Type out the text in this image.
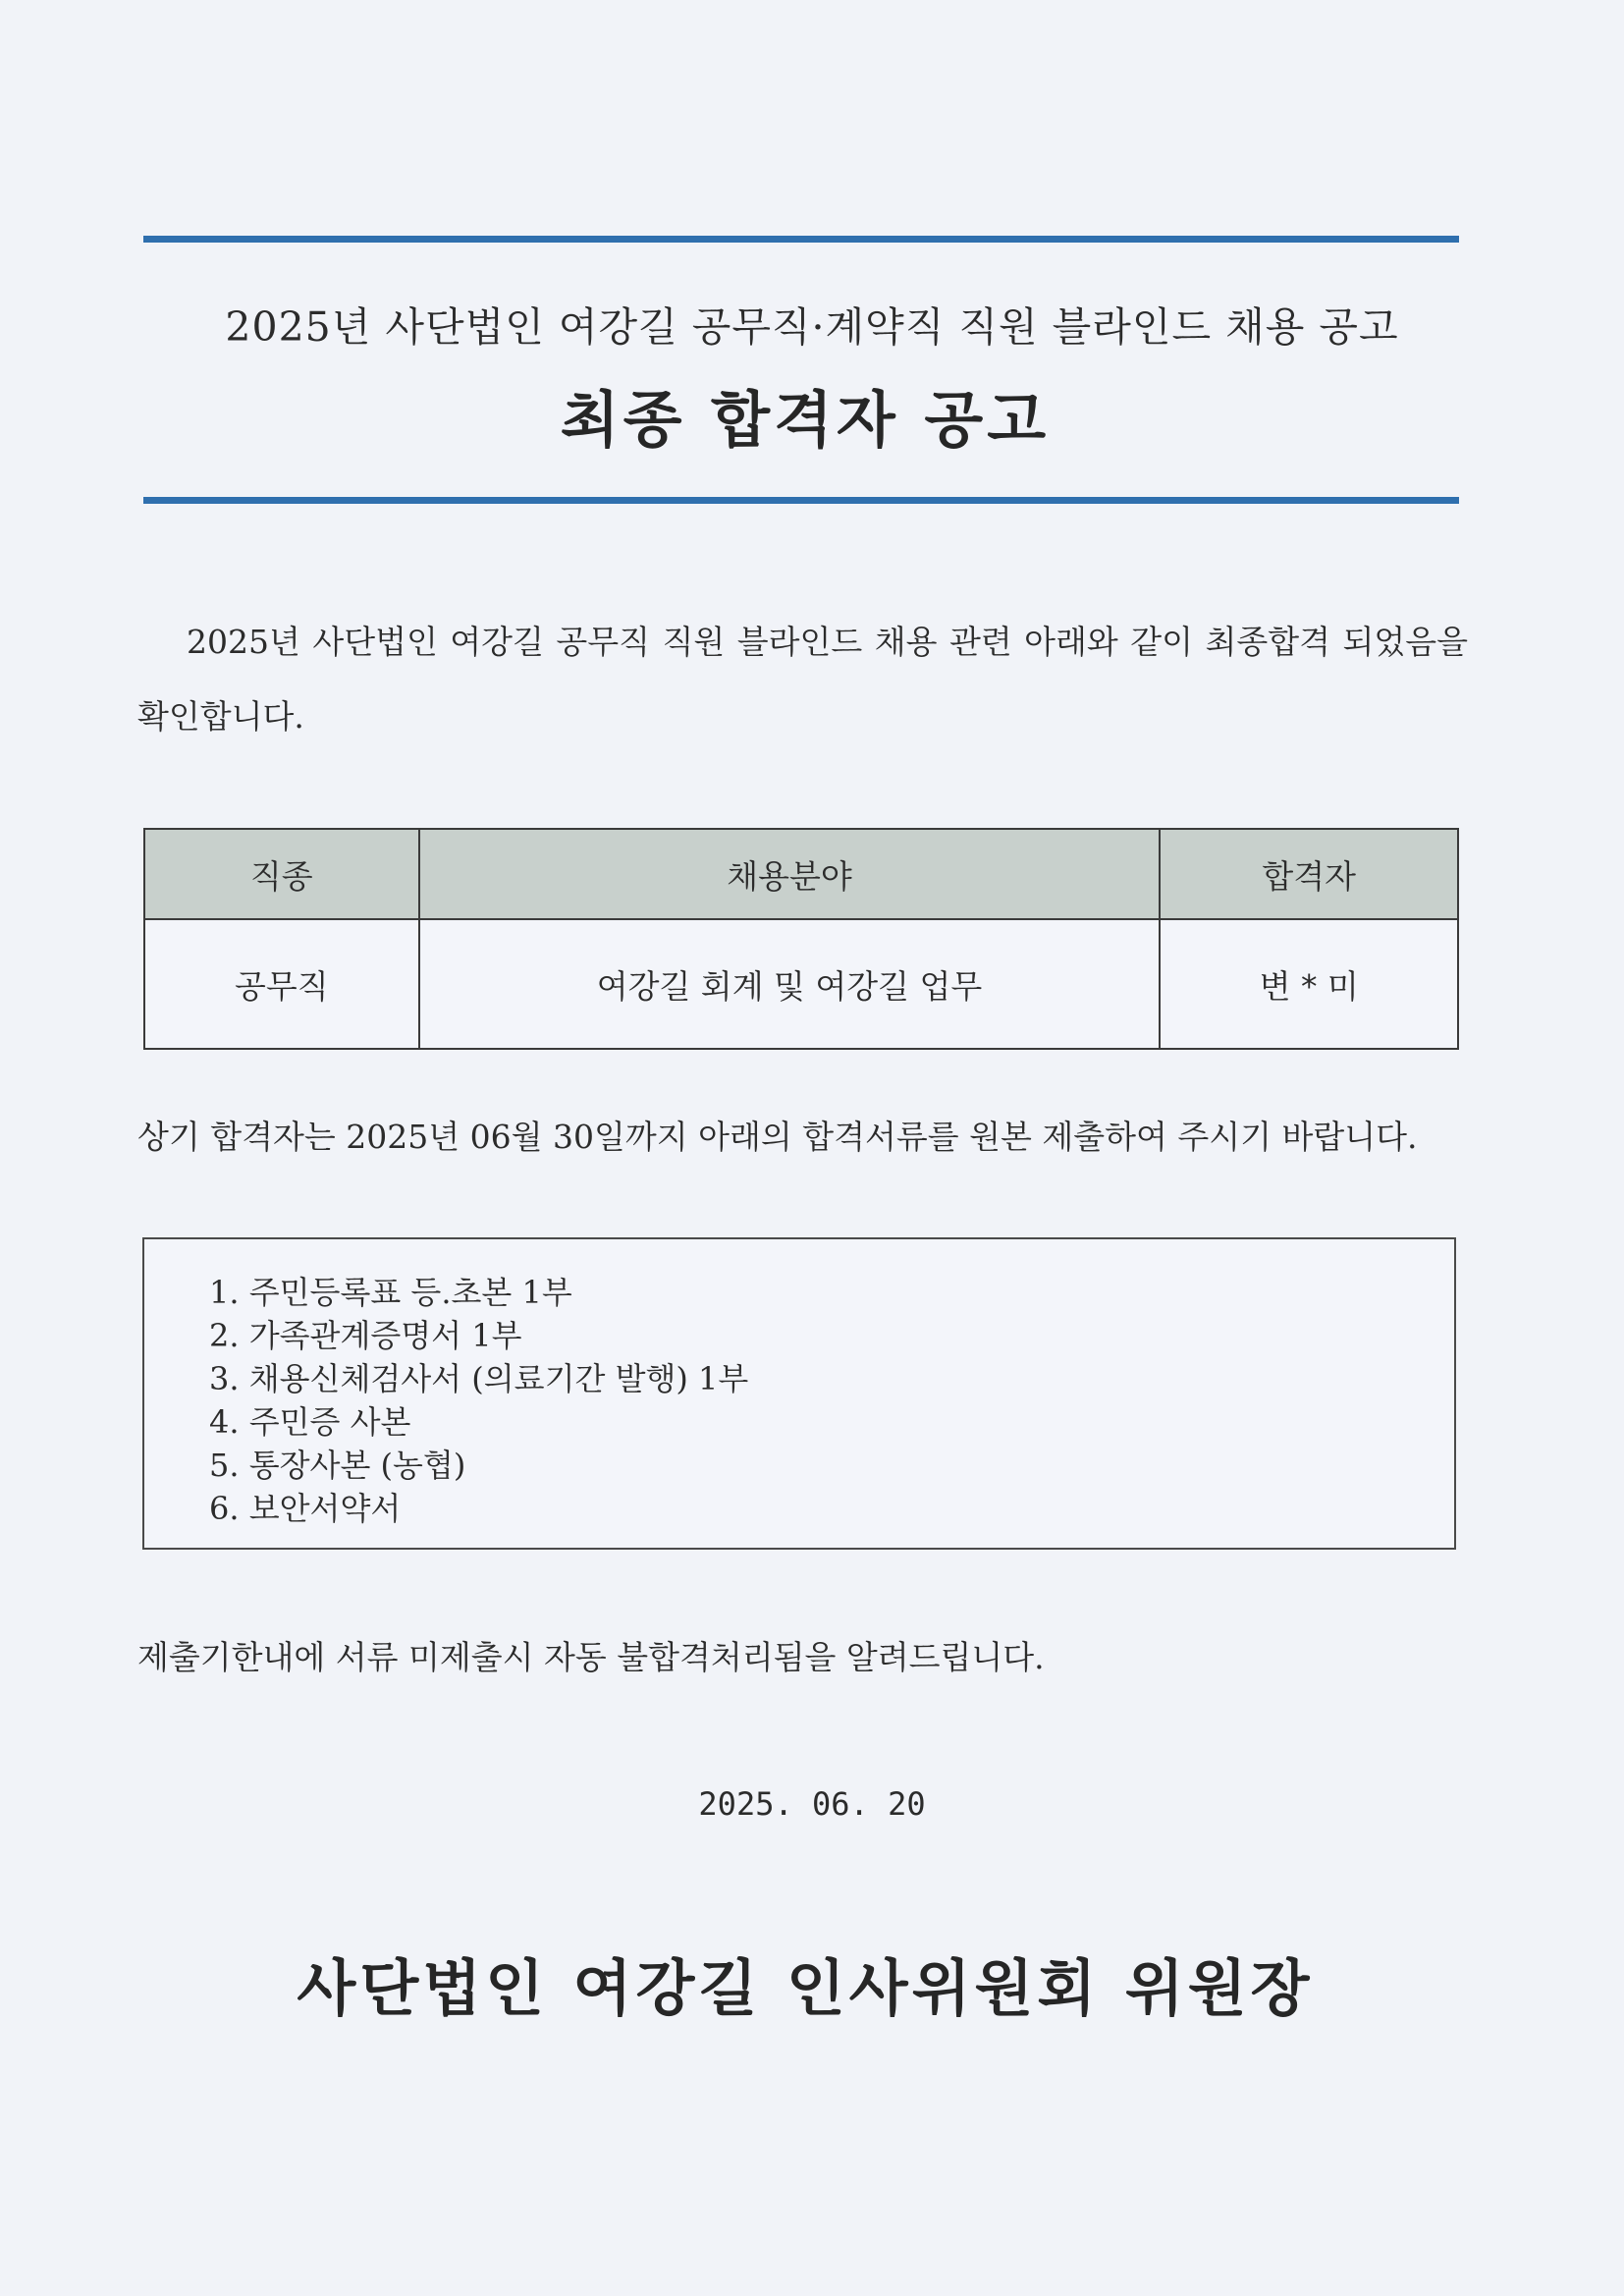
2025년 사단법인 여강길 공무직·계약직 직원 블라인드 채용 공고
최종 합격자 공고
2025년 사단법인 여강길 공무직 직원 블라인드 채용 관련 아래와 같이 최종합격 되었음을 확인합니다.
직종	채용분야	합격자
공무직	여강길 회계 및 여강길 업무	변 * 미
상기 합격자는 2025년 06월 30일까지 아래의 합격서류를 원본 제출하여 주시기 바랍니다.
1. 주민등록표 등.초본 1부
2. 가족관계증명서 1부
3. 채용신체검사서 (의료기간 발행) 1부
4. 주민증 사본
5. 통장사본 (농협)
6. 보안서약서
제출기한내에 서류 미제출시 자동 불합격처리됨을 알려드립니다.
2025. 06. 20
사단법인 여강길 인사위원회 위원장
